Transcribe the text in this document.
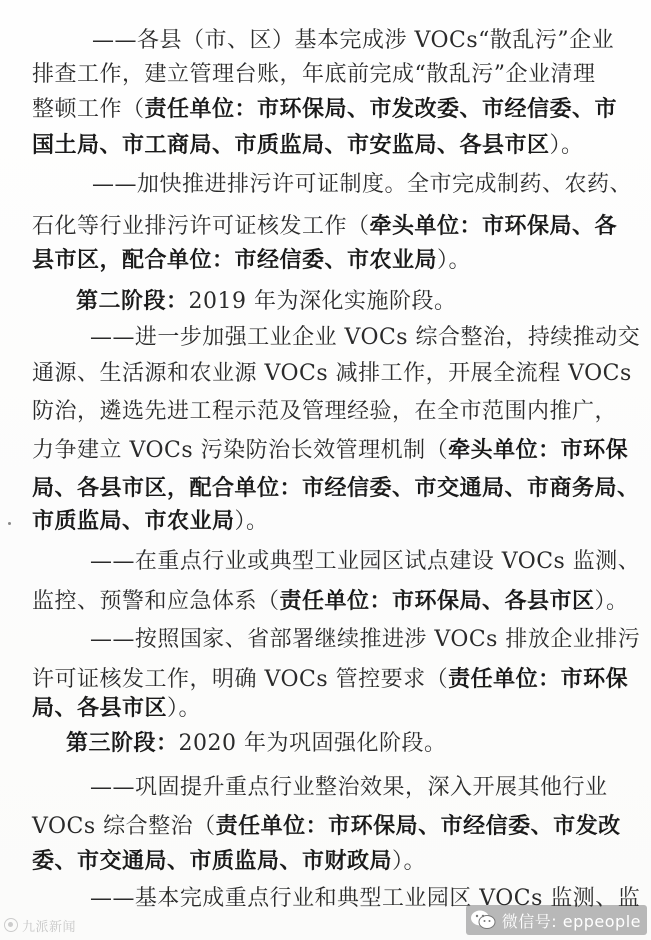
——各县（市、区）基本完成涉 VOCs“散乱污”企业
排查工作，建立管理台账，年底前完成“散乱污”企业清理
整顿工作（责任单位：市环保局、市发改委、市经信委、市
国土局、市工商局、市质监局、市安监局、各县市区）。
——加快推进排污许可证制度。全市完成制药、农药、
石化等行业排污许可证核发工作（牵头单位：市环保局、各
县市区，配合单位：市经信委、市农业局）。
第二阶段：2019 年为深化实施阶段。
——进一步加强工业企业 VOCs 综合整治，持续推动交
通源、生活源和农业源 VOCs 减排工作，开展全流程 VOCs
防治，遴选先进工程示范及管理经验，在全市范围内推广，
力争建立 VOCs 污染防治长效管理机制（牵头单位：市环保
局、各县市区，配合单位：市经信委、市交通局、市商务局、
市质监局、市农业局）。
——在重点行业或典型工业园区试点建设 VOCs 监测、
监控、预警和应急体系（责任单位：市环保局、各县市区）。
——按照国家、省部署继续推进涉 VOCs 排放企业排污
许可证核发工作，明确 VOCs 管控要求（责任单位：市环保
局、各县市区）。
第三阶段：2020 年为巩固强化阶段。
——巩固提升重点行业整治效果，深入开展其他行业
VOCs 综合整治（责任单位：市环保局、市经信委、市发改
委、市交通局、市质监局、市财政局）。
——基本完成重点行业和典型工业园区 VOCs 监测、监
九派新闻	微信号: eppeople
